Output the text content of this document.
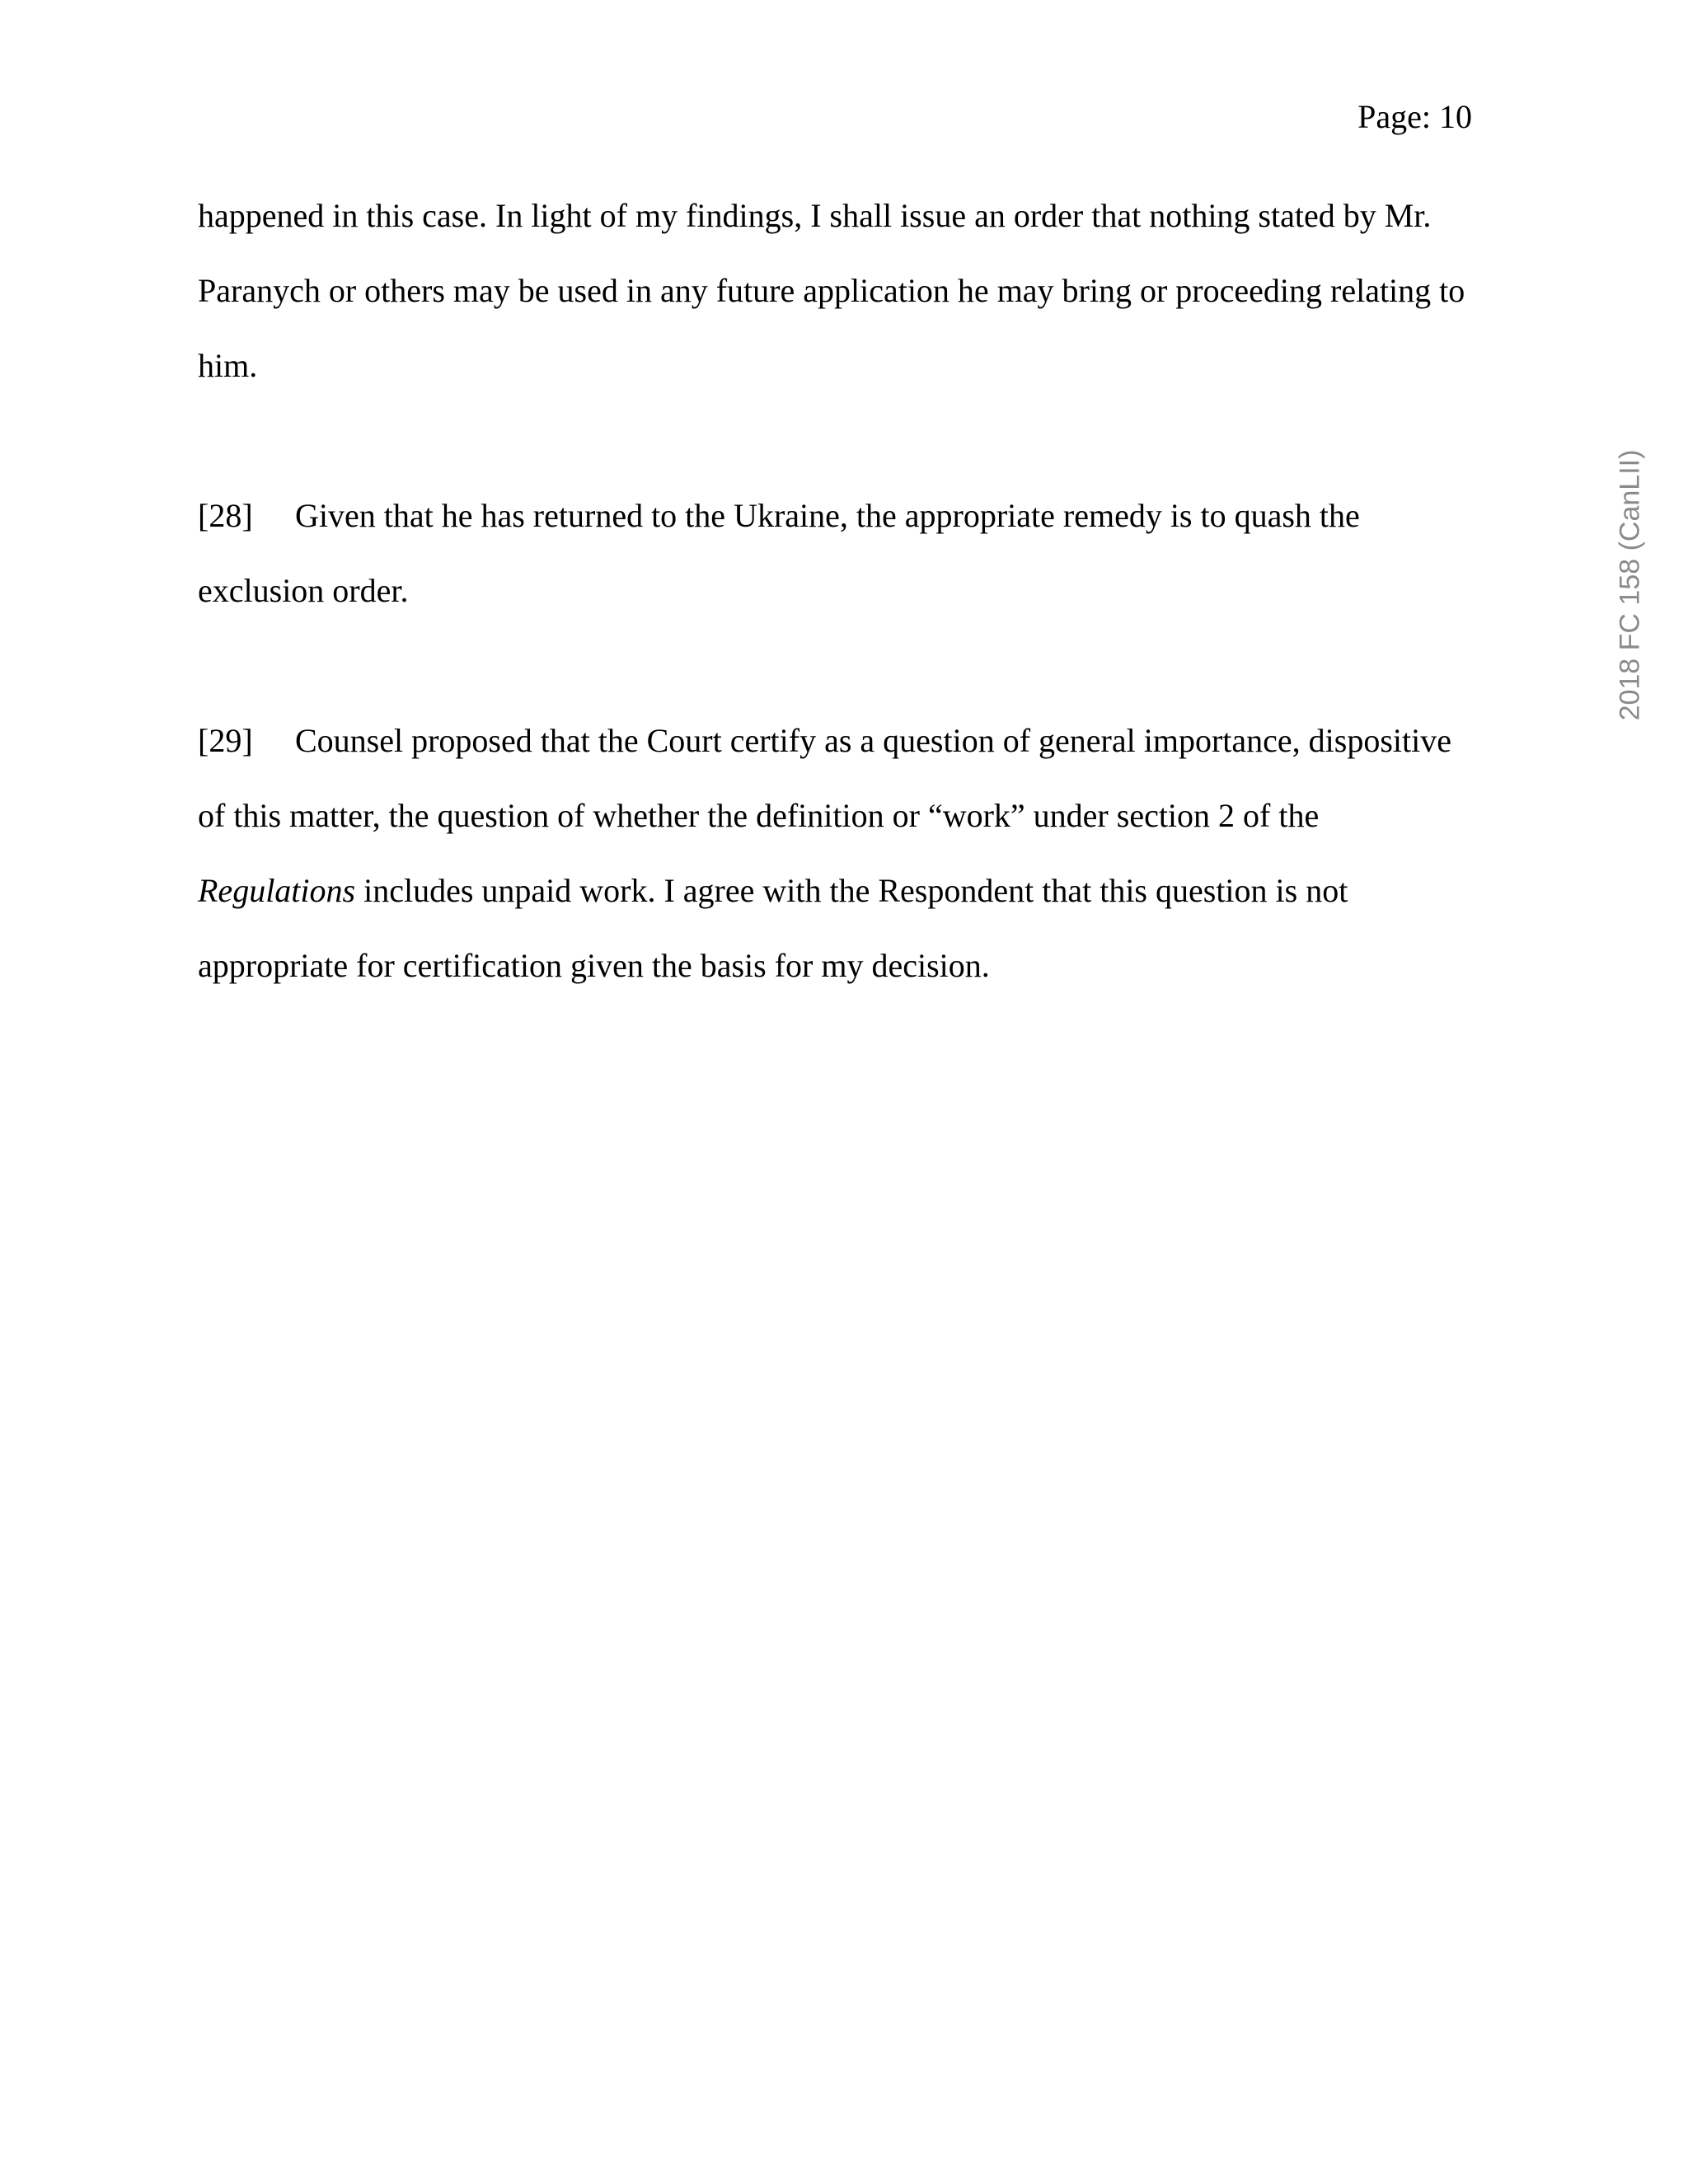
Page: 10
happened in this case. In light of my findings, I shall issue an order that nothing stated by Mr.
Paranych or others may be used in any future application he may bring or proceeding relating to
him.
[28] Given that he has returned to the Ukraine, the appropriate remedy is to quash the
exclusion order.
[29] Counsel proposed that the Court certify as a question of general importance, dispositive
of this matter, the question of whether the definition or “work” under section 2 of the
Regulations includes unpaid work. I agree with the Respondent that this question is not
appropriate for certification given the basis for my decision.
2018 FC 158 (CanLII)
